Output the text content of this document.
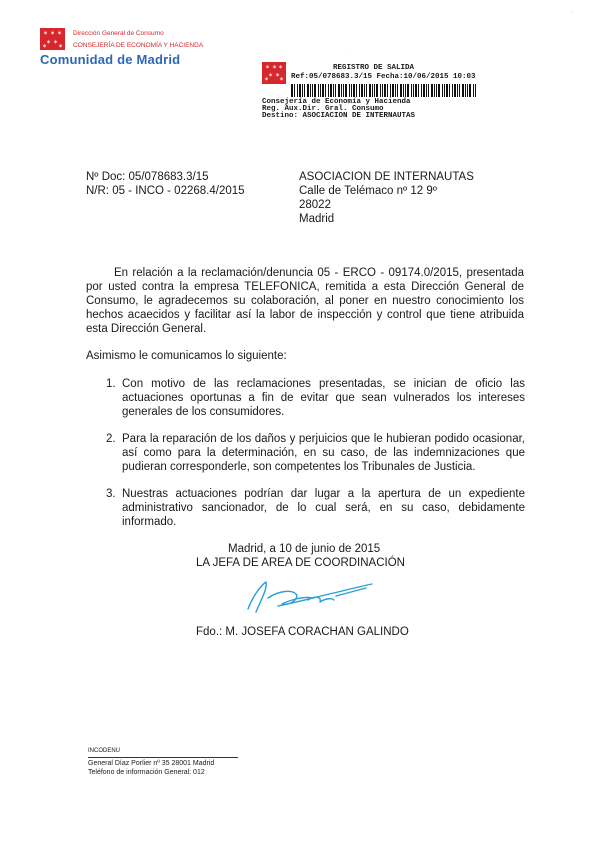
✶ ✶ ✶
✶ ✶
✶ ✶
Dirección General de Consumo
CONSEJERÍA DE ECONOMÍA Y HACIENDA
Comunidad de Madrid	·
·
✶ ✶ ✶
✶ ✶
✶ ✶
REGISTRO DE SALIDA
Ref:05/078683.3/15 Fecha:10/06/2015 10:03
Consejería de Economía y Hacienda
Reg. Aux.Dir. Gral. Consumo
Destino: ASOCIACION DE INTERNAUTAS
Nº Doc: 05/078683.3/15
N/R: 05 - INCO - 02268.4/2015
ASOCIACION DE INTERNAUTAS
Calle de Telémaco nº 12 9º
28022
Madrid

En relación a la reclamación/denuncia 05 - ERCO - 09174.0/2015, presentada por usted contra la empresa TELEFONICA, remitida a esta Dirección General de Consumo, le agradecemos su colaboración, al poner en nuestro conocimiento los hechos acaecidos y facilitar así la labor de inspección y control que tiene atribuida esta Dirección General.

Asimismo le comunicamos lo siguiente:
1. Con motivo de las reclamaciones presentadas, se inician de oficio las actuaciones oportunas a fin de evitar que sean vulnerados los intereses generales de los consumidores.
2. Para la reparación de los daños y perjuicios que le hubieran podido ocasionar, así como para la determinación, en su caso, de las indemnizaciones que pudieran corresponderle, son competentes los Tribunales de Justicia.
3. Nuestras actuaciones podrían dar lugar a la apertura de un expediente administrativo sancionador, de lo cual será, en su caso, debidamente informado.
Madrid, a 10 de junio de 2015
LA JEFA DE AREA DE COORDINACIÓN
Fdo.: M. JOSEFA CORACHAN GALINDO
INCODENU
General Díaz Porlier nº 35 28001 Madrid
Teléfono de información General: 012
